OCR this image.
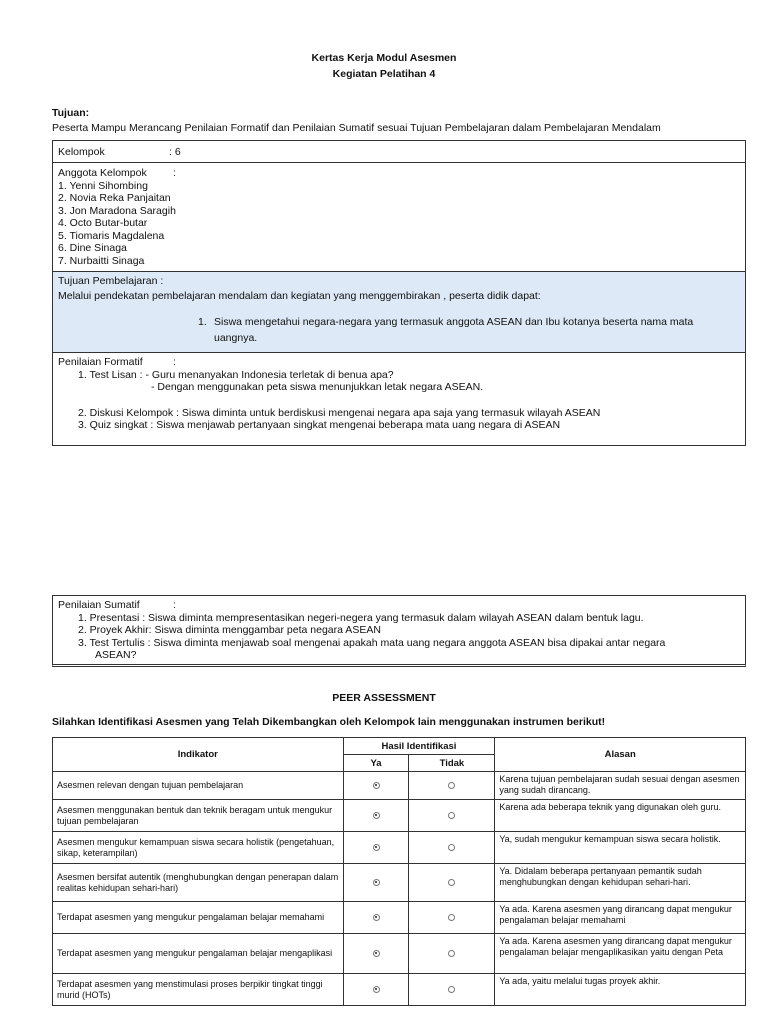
Kertas Kerja Modul Asesmen
Kegiatan Pelatihan 4
Tujuan:
Peserta Mampu Merancang Penilaian Formatif dan Penilaian Sumatif sesuai Tujuan Pembelajaran dalam Pembelajaran Mendalam
Kelompok	: 6
Anggota Kelompok	:
1. Yenni Sihombing
2. Novia Reka Panjaitan
3. Jon Maradona Saragih
4. Octo Butar-butar
5. Tiomaris Magdalena
6. Dine Sinaga
7. Nurbaitti Sinaga
Tujuan Pembelajaran :
Melalui pendekatan pembelajaran mendalam dan kegiatan yang menggembirakan , peserta didik dapat:
1. Siswa mengetahui negara-negara yang termasuk anggota ASEAN dan Ibu kotanya beserta nama mata
uangnya.
Penilaian Formatif	:
1. Test Lisan : - Guru menanyakan Indonesia terletak di benua apa?
- Dengan menggunakan peta siswa menunjukkan letak negara ASEAN.
2. Diskusi Kelompok : Siswa diminta untuk berdiskusi mengenai negara apa saja yang termasuk wilayah ASEAN
3. Quiz singkat : Siswa menjawab pertanyaan singkat mengenai beberapa mata uang negara di ASEAN
Penilaian Sumatif	:
1. Presentasi : Siswa diminta mempresentasikan negeri-negera yang termasuk dalam wilayah ASEAN dalam bentuk lagu.
2. Proyek Akhir: Siswa diminta menggambar peta negara ASEAN
3. Test Tertulis : Siswa diminta menjawab soal mengenai apakah mata uang negara anggota ASEAN bisa dipakai antar negara
ASEAN?
PEER ASSESSMENT
Silahkan Identifikasi Asesmen yang Telah Dikembangkan oleh Kelompok lain menggunakan instrumen berikut!
Indikator	Hasil Identifikasi		Alasan
	Ya	Tidak	
Asesmen relevan dengan tujuan pembelajaran			Karena tujuan pembelajaran sudah sesuai dengan asesmen yang sudah dirancang.
Asesmen menggunakan bentuk dan teknik beragam untuk mengukur tujuan pembelajaran			Karena ada beberapa teknik yang digunakan oleh guru.
Asesmen mengukur kemampuan siswa secara holistik (pengetahuan, sikap, keterampilan)			Ya, sudah mengukur kemampuan siswa secara holistik.
Asesmen bersifat autentik (menghubungkan dengan penerapan dalam realitas kehidupan sehari-hari)			Ya. Didalam beberapa pertanyaan pemantik sudah menghubungkan dengan kehidupan sehari-hari.
Terdapat asesmen yang mengukur pengalaman belajar memahami			Ya ada. Karena asesmen yang dirancang dapat mengukur pengalaman belajar memahami
Terdapat asesmen yang mengukur pengalaman belajar mengaplikasi			Ya ada. Karena asesmen yang dirancang dapat mengukur pengalaman belajar mengaplikasikan yaitu dengan Peta
Terdapat asesmen yang menstimulasi proses berpikir tingkat tinggi murid (HOTs)			Ya ada, yaitu melalui tugas proyek akhir.
